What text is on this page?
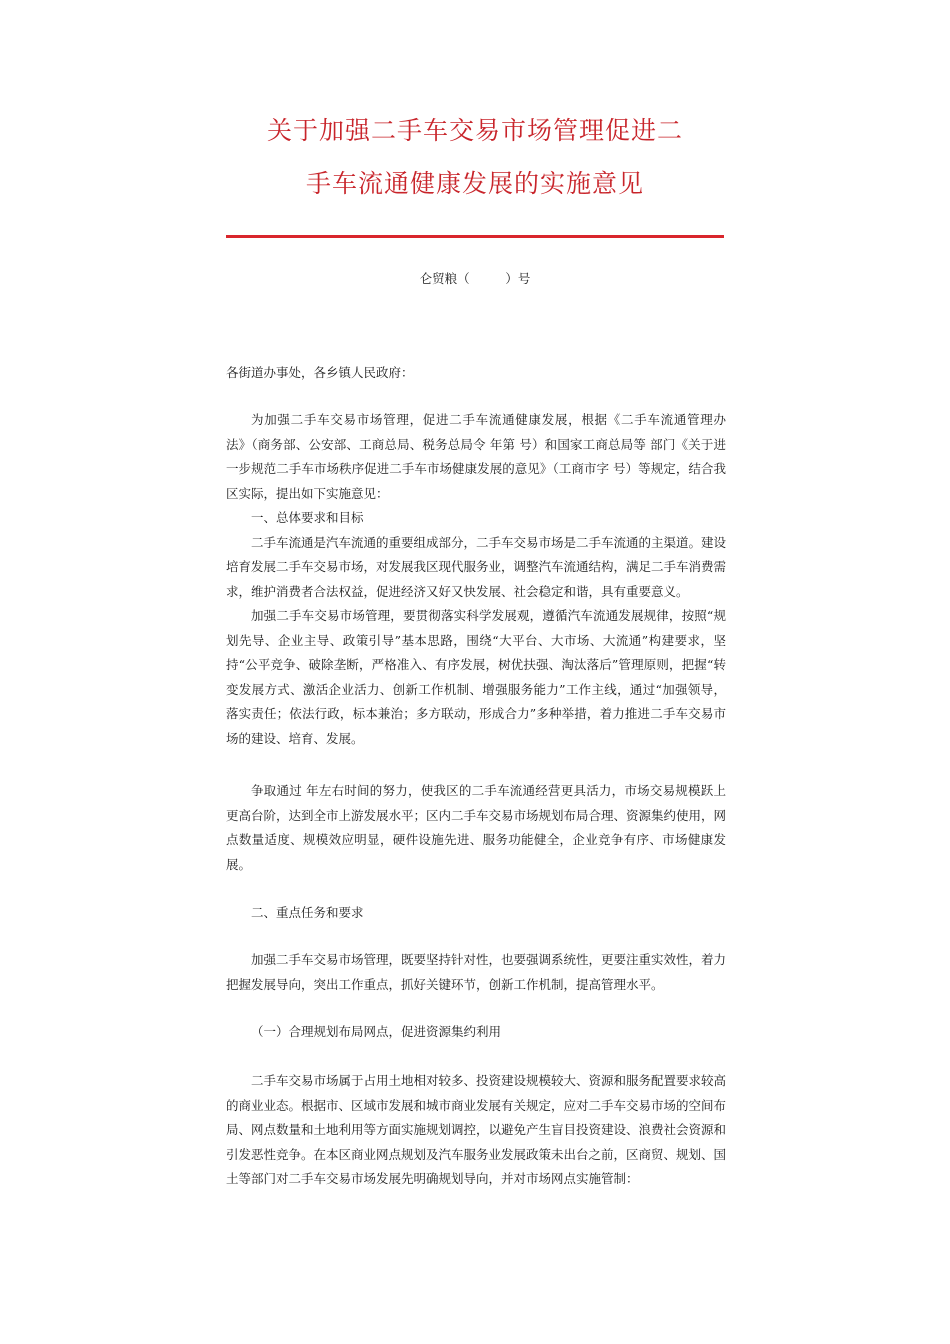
关于加强二手车交易市场管理促进二
手车流通健康发展的实施意见
仑贸粮（         ）号

各街道办事处，各乡镇人民政府：

为加强二手车交易市场管理，促进二手车流通健康发展，根据《二手车流通管理办法》（商务部、公安部、工商总局、税务总局令 年第 号）和国家工商总局等 部门《关于进一步规范二手车市场秩序促进二手车市场健康发展的意见》（工商市字 号）等规定，结合我区实际，提出如下实施意见：

一、总体要求和目标

二手车流通是汽车流通的重要组成部分，二手车交易市场是二手车流通的主渠道。建设培育发展二手车交易市场，对发展我区现代服务业，调整汽车流通结构，满足二手车消费需求，维护消费者合法权益，促进经济又好又快发展、社会稳定和谐，具有重要意义。

加强二手车交易市场管理，要贯彻落实科学发展观，遵循汽车流通发展规律，按照“规划先导、企业主导、政策引导”基本思路，围绕“大平台、大市场、大流通”构建要求，坚持“公平竞争、破除垄断，严格准入、有序发展，树优扶强、淘汰落后”管理原则，把握“转变发展方式、激活企业活力、创新工作机制、增强服务能力”工作主线，通过“加强领导，落实责任；依法行政，标本兼治；多方联动，形成合力”多种举措，着力推进二手车交易市场的建设、培育、发展。

争取通过 年左右时间的努力，使我区的二手车流通经营更具活力，市场交易规模跃上更高台阶，达到全市上游发展水平；区内二手车交易市场规划布局合理、资源集约使用，网点数量适度、规模效应明显，硬件设施先进、服务功能健全，企业竞争有序、市场健康发展。

二、重点任务和要求

加强二手车交易市场管理，既要坚持针对性，也要强调系统性，更要注重实效性，着力把握发展导向，突出工作重点，抓好关键环节，创新工作机制，提高管理水平。

（一）合理规划布局网点，促进资源集约利用

二手车交易市场属于占用土地相对较多、投资建设规模较大、资源和服务配置要求较高的商业业态。根据市、区域市发展和城市商业发展有关规定，应对二手车交易市场的空间布局、网点数量和土地利用等方面实施规划调控，以避免产生盲目投资建设、浪费社会资源和引发恶性竞争。在本区商业网点规划及汽车服务业发展政策未出台之前，区商贸、规划、国土等部门对二手车交易市场发展先明确规划导向，并对市场网点实施管制：
